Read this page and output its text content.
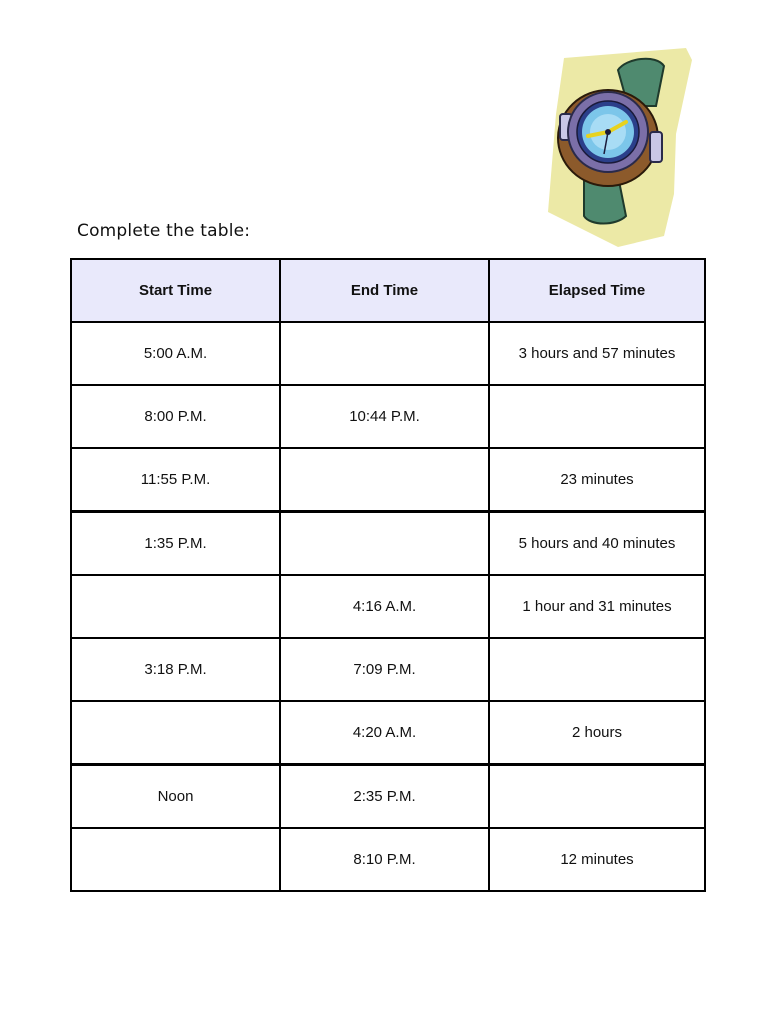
Complete the table:
Start Time	End Time	Elapsed Time
5:00 A.M.		3 hours and 57 minutes
8:00 P.M.	10:44 P.M.	
11:55 P.M.		23 minutes
1:35 P.M.		5 hours and 40 minutes
	4:16 A.M.	1 hour and 31 minutes
3:18 P.M.	7:09 P.M.	
	4:20 A.M.	2 hours
Noon	2:35 P.M.	
	8:10 P.M.	12 minutes
